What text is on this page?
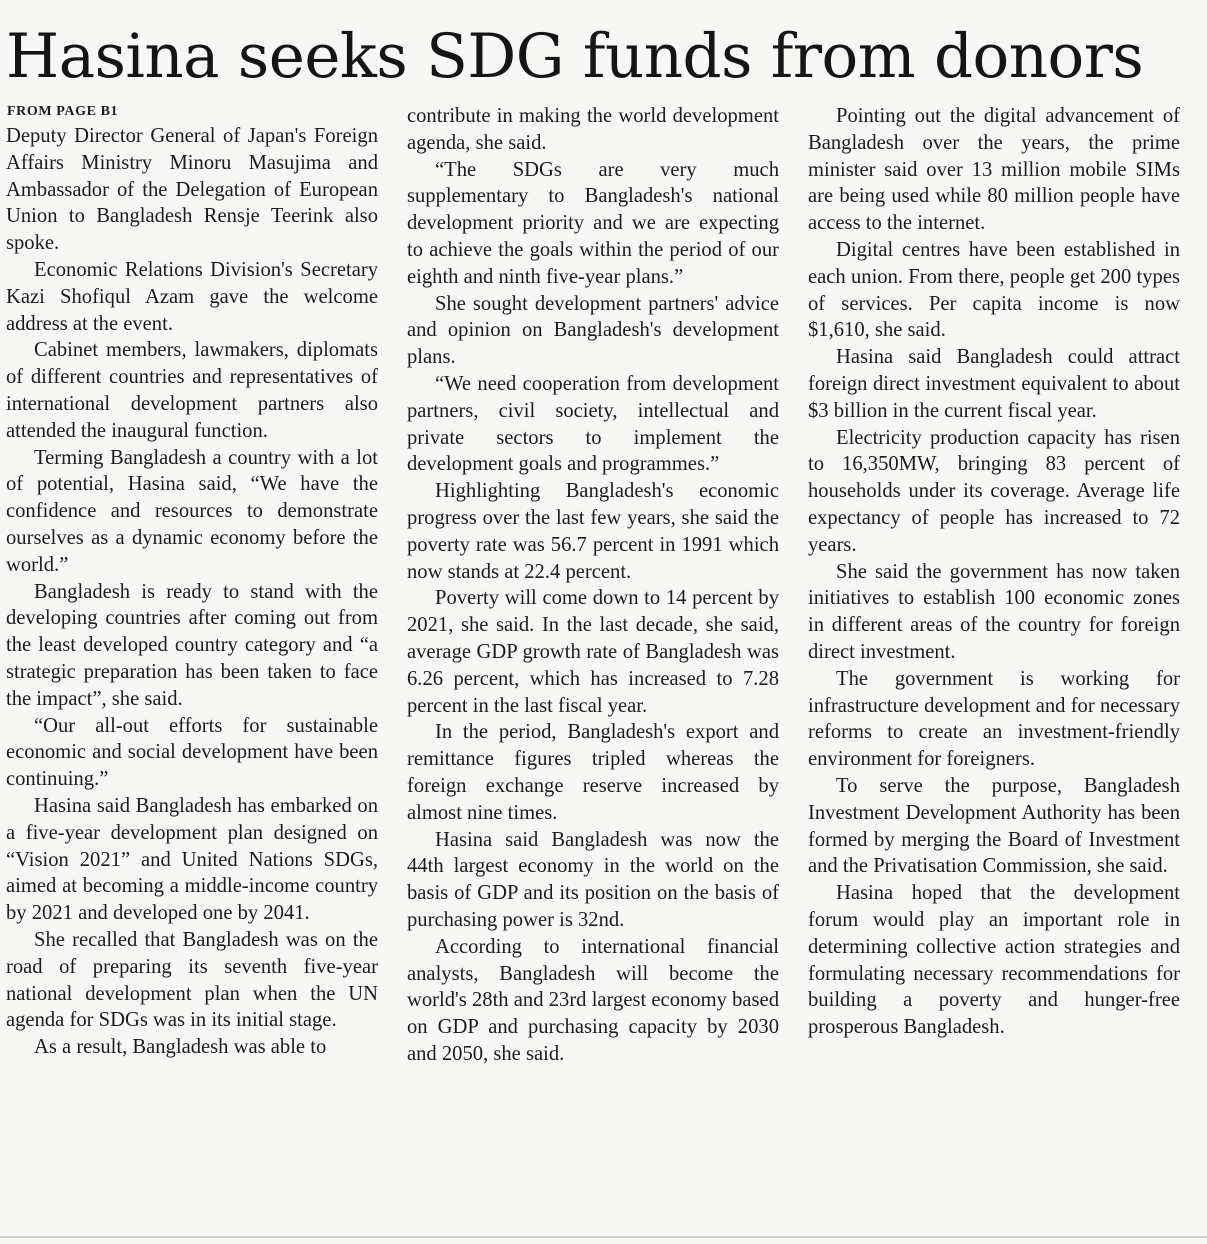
Hasina seeks SDG funds from donors
FROM PAGE B1

Deputy Director General of Japan's Foreign Affairs Ministry Minoru Masujima and Ambassador of the Delegation of European Union to Bangladesh Rensje Teerink also spoke.

Economic Relations Division's Secretary Kazi Shofiqul Azam gave the welcome address at the event.

Cabinet members, lawmakers, diplomats of different countries and representatives of international development partners also attended the inaugural function.

Terming Bangladesh a country with a lot of potential, Hasina said, “We have the confidence and resources to demonstrate ourselves as a dynamic economy before the world.”

Bangladesh is ready to stand with the developing countries after coming out from the least developed country category and “a strategic preparation has been taken to face the impact”, she said.

“Our all-out efforts for sustainable economic and social development have been continuing.”

Hasina said Bangladesh has embarked on a five-year development plan designed on “Vision 2021” and United Nations SDGs, aimed at becoming a middle-income country by 2021 and developed one by 2041.

She recalled that Bangladesh was on the road of preparing its seventh five-year national development plan when the UN agenda for SDGs was in its initial stage.

As a result, Bangladesh was able to

contribute in making the world development agenda, she said.

“The SDGs are very much supplementary to Bangladesh's national development priority and we are expecting to achieve the goals within the period of our eighth and ninth five-year plans.”

She sought development partners' advice and opinion on Bangladesh's development plans.

“We need cooperation from development partners, civil society, intellectual and private sectors to implement the development goals and programmes.”

Highlighting Bangladesh's economic progress over the last few years, she said the poverty rate was 56.7 percent in 1991 which now stands at 22.4 percent.

Poverty will come down to 14 percent by 2021, she said. In the last decade, she said, average GDP growth rate of Bangladesh was 6.26 percent, which has increased to 7.28 percent in the last fiscal year.

In the period, Bangladesh's export and remittance figures tripled whereas the foreign exchange reserve increased by almost nine times.

Hasina said Bangladesh was now the 44th largest economy in the world on the basis of GDP and its position on the basis of purchasing power is 32nd.

According to international financial analysts, Bangladesh will become the world's 28th and 23rd largest economy based on GDP and purchasing capacity by 2030 and 2050, she said.

Pointing out the digital advancement of Bangladesh over the years, the prime minister said over 13 million mobile SIMs are being used while 80 million people have access to the internet.

Digital centres have been established in each union. From there, people get 200 types of services. Per capita income is now $1,610, she said.

Hasina said Bangladesh could attract foreign direct investment equivalent to about $3 billion in the current fiscal year.

Electricity production capacity has risen to 16,350MW, bringing 83 percent of households under its coverage. Average life expectancy of people has increased to 72 years.

She said the government has now taken initiatives to establish 100 economic zones in different areas of the country for foreign direct investment.

The government is working for infrastructure development and for necessary reforms to create an investment-friendly environment for foreigners.

To serve the purpose, Bangladesh Investment Development Authority has been formed by merging the Board of Investment and the Privatisation Commission, she said.

Hasina hoped that the development forum would play an important role in determining collective action strategies and formulating necessary recommendations for building a poverty and hunger-free prosperous Bangladesh.
